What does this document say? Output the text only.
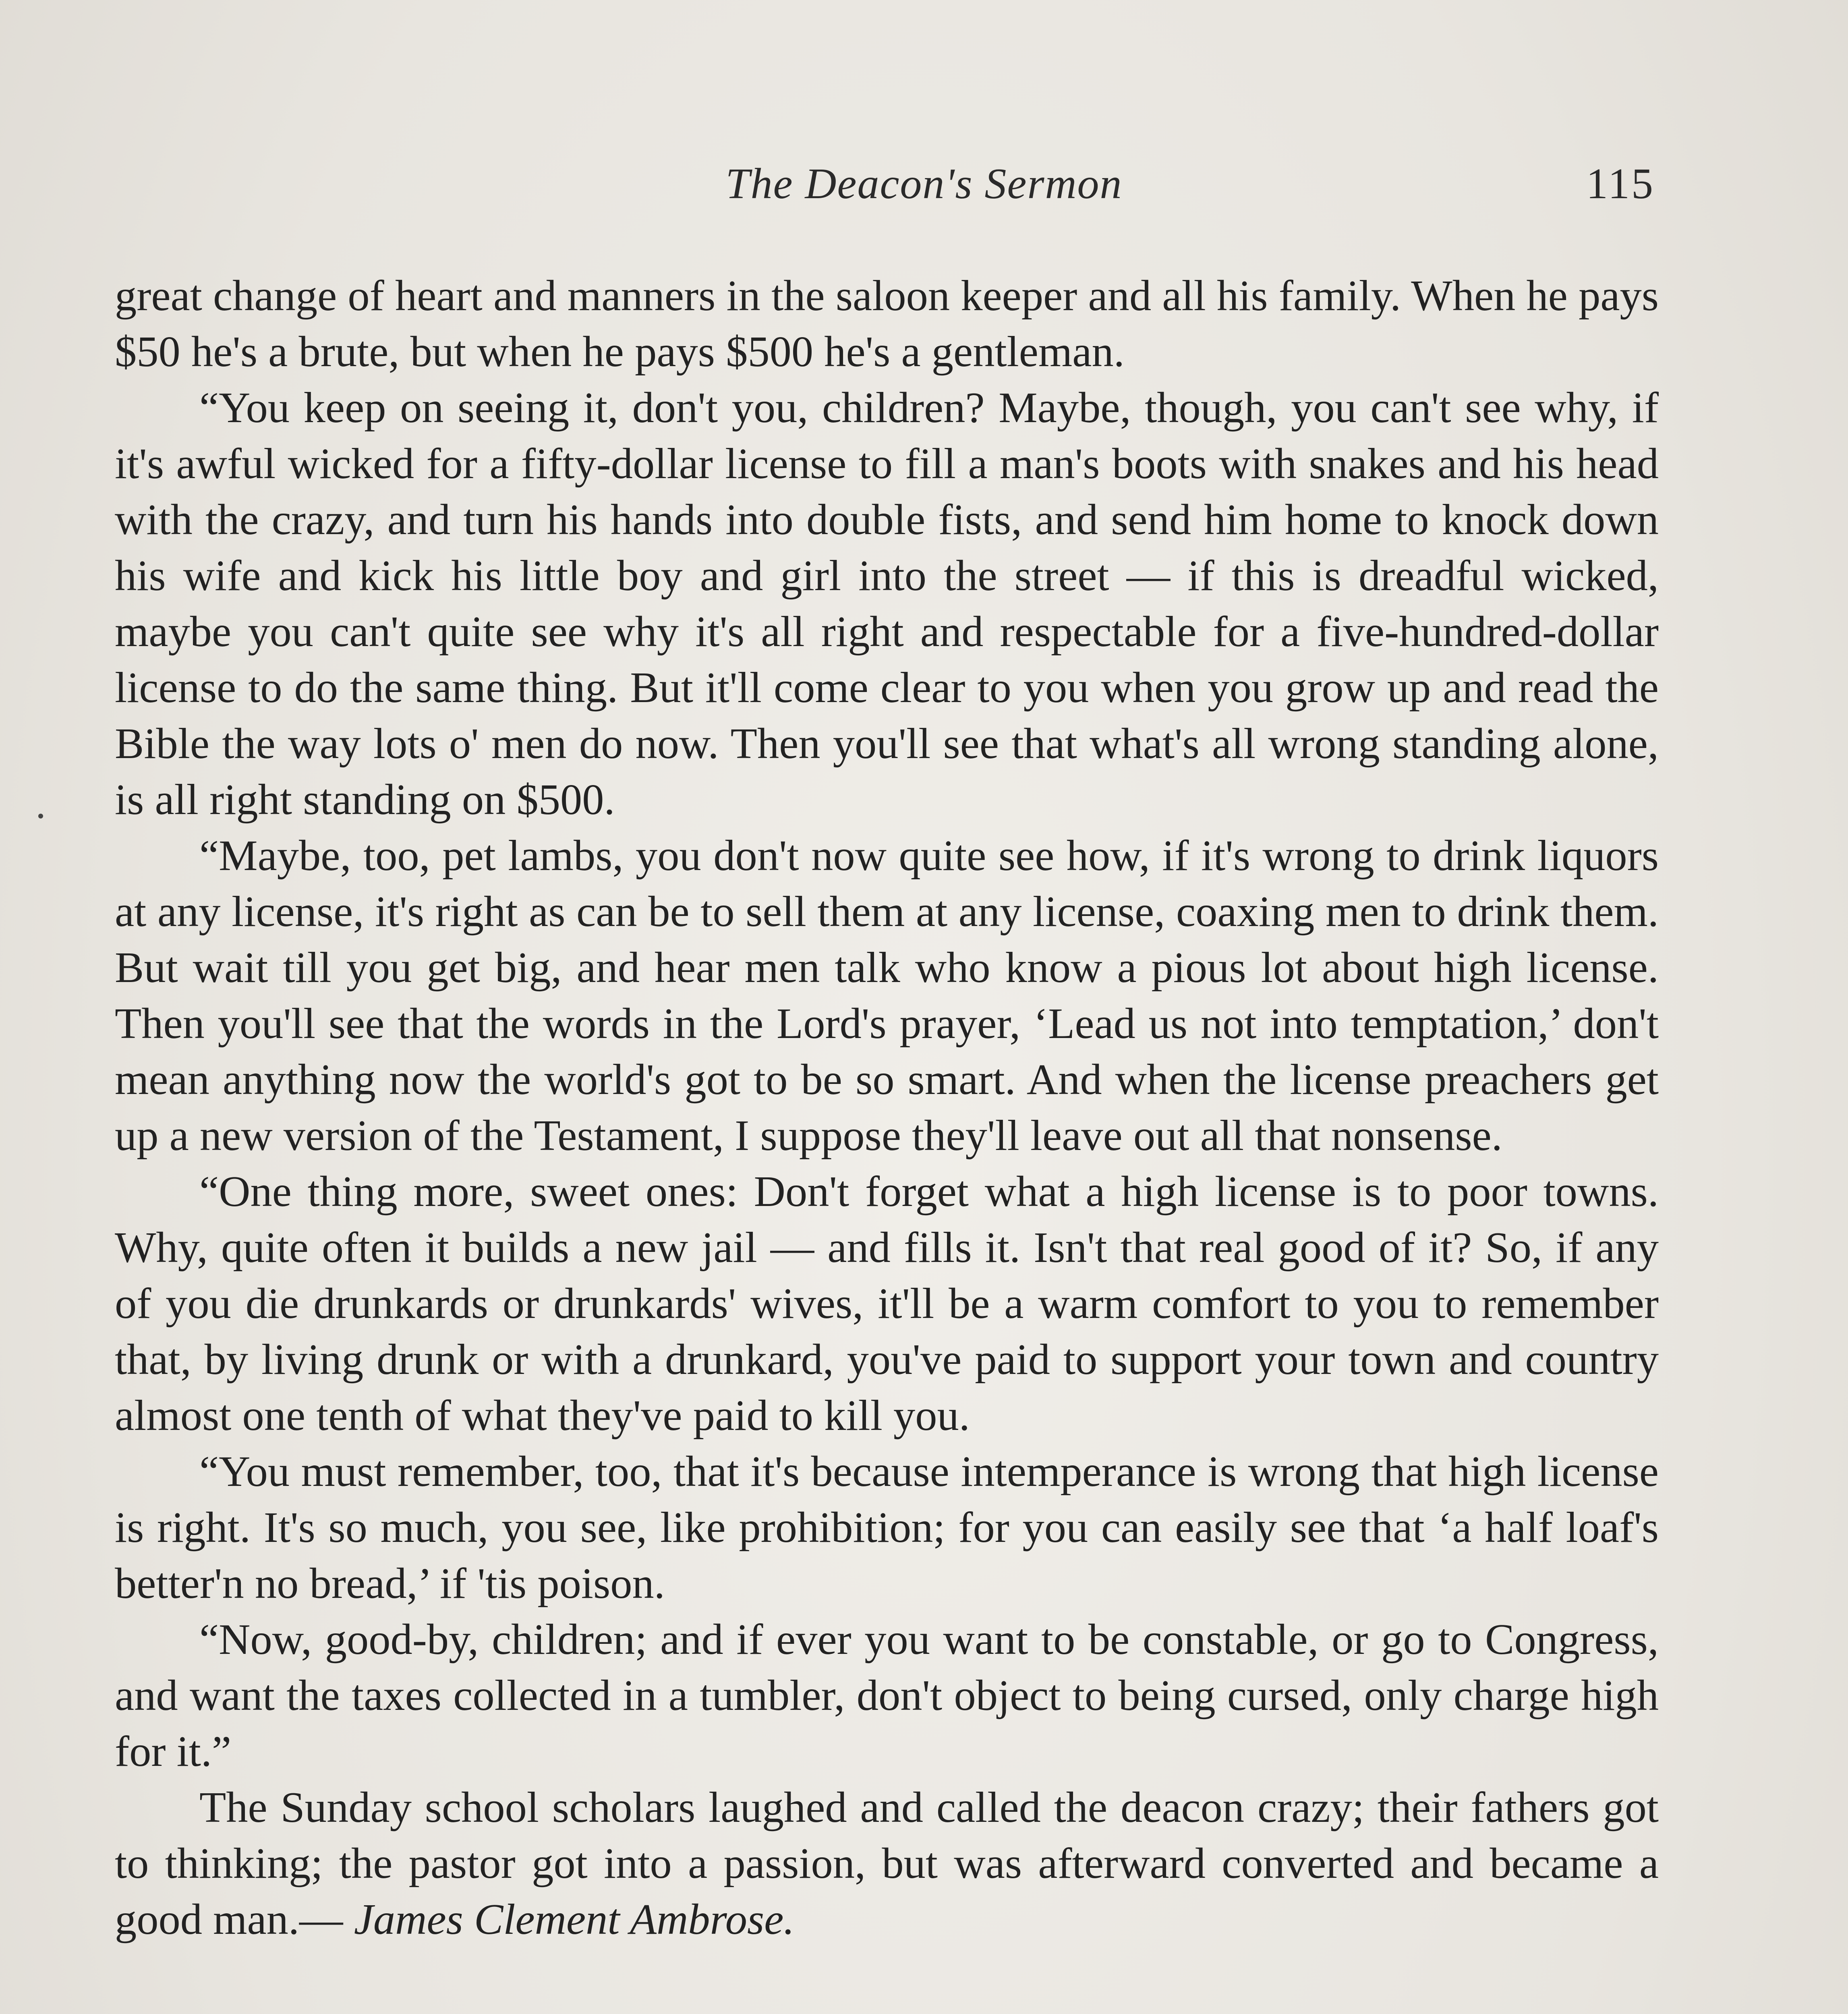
The Deacon's Sermon	115

great change of heart and manners in the saloon keeper and all his family. When he pays $50 he's a brute, but when he pays $500 he's a gentleman.

“You keep on seeing it, don't you, children? Maybe, though, you can't see why, if it's awful wicked for a fifty-dollar license to fill a man's boots with snakes and his head with the crazy, and turn his hands into double fists, and send him home to knock down his wife and kick his little boy and girl into the street — if this is dreadful wicked, maybe you can't quite see why it's all right and respectable for a five-hundred-dollar license to do the same thing. But it'll come clear to you when you grow up and read the Bible the way lots o' men do now. Then you'll see that what's all wrong standing alone, is all right standing on $500.

“Maybe, too, pet lambs, you don't now quite see how, if it's wrong to drink liquors at any license, it's right as can be to sell them at any license, coaxing men to drink them. But wait till you get big, and hear men talk who know a pious lot about high license. Then you'll see that the words in the Lord's prayer, ‘Lead us not into temptation,’ don't mean anything now the world's got to be so smart. And when the license preachers get up a new version of the Testament, I suppose they'll leave out all that nonsense.

“One thing more, sweet ones: Don't forget what a high license is to poor towns. Why, quite often it builds a new jail — and fills it. Isn't that real good of it? So, if any of you die drunkards or drunkards' wives, it'll be a warm comfort to you to remember that, by living drunk or with a drunkard, you've paid to support your town and country almost one tenth of what they've paid to kill you.

“You must remember, too, that it's because intemperance is wrong that high license is right. It's so much, you see, like prohibition; for you can easily see that ‘a half loaf's better'n no bread,’ if 'tis poison.

“Now, good-by, children; and if ever you want to be constable, or go to Congress, and want the taxes collected in a tumbler, don't object to being cursed, only charge high for it.”

The Sunday school scholars laughed and called the deacon crazy; their fathers got to thinking; the pastor got into a passion, but was afterward converted and became a good man.— James Clement Ambrose.
